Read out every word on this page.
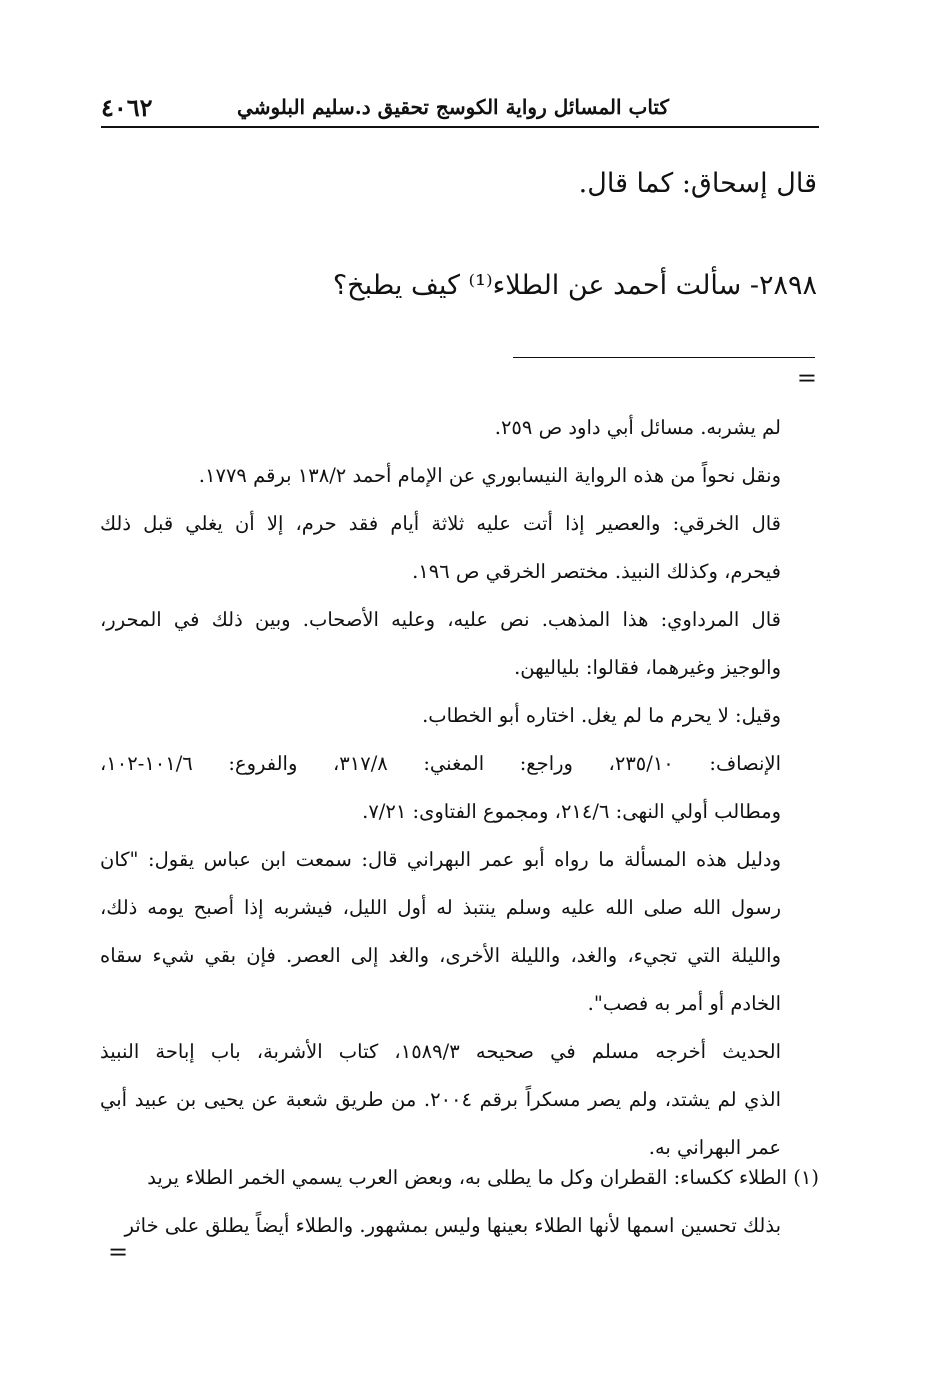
كتاب المسائل رواية الكوسج تحقيق د.سليم البلوشي
٤٠٦٢
قال إسحاق: كما قال.
٢٨٩٨- سألت أحمد عن الطلاء⁽¹⁾ كيف يطبخ؟
=
لم يشربه. مسائل أبي داود ص ٢٥٩.
ونقل نحواً من هذه الرواية النيسابوري عن الإمام أحمد ١٣٨/٢ برقم ١٧٧٩.
قال الخرقي: والعصير إذا أتت عليه ثلاثة أيام فقد حرم، إلا أن يغلي قبل ذلك
فيحرم، وكذلك النبيذ. مختصر الخرقي ص ١٩٦.
قال المرداوي: هذا المذهب. نص عليه، وعليه الأصحاب. وبين ذلك في المحرر،
والوجيز وغيرهما، فقالوا: بلياليهن.
وقيل: لا يحرم ما لم يغل. اختاره أبو الخطاب.
الإنصاف: ٢٣٥/١٠، وراجع: المغني: ٣١٧/٨، والفروع: ١٠١/٦-١٠٢،
ومطالب أولي النهى: ٢١٤/٦، ومجموع الفتاوى: ٧/٢١.
ودليل هذه المسألة ما رواه أبو عمر البهراني قال: سمعت ابن عباس يقول: "كان
رسول الله صلى الله عليه وسلم ينتبذ له أول الليل، فيشربه إذا أصبح يومه ذلك،
والليلة التي تجيء، والغد، والليلة الأخرى، والغد إلى العصر. فإن بقي شيء سقاه
الخادم أو أمر به فصب".
الحديث أخرجه مسلم في صحيحه ١٥٨٩/٣، كتاب الأشربة، باب إباحة النبيذ
الذي لم يشتد، ولم يصر مسكراً برقم ٢٠٠٤. من طريق شعبة عن يحيى بن عبيد أبي
عمر البهراني به.
(١) الطلاء ككساء: القطران وكل ما يطلى به، وبعض العرب يسمي الخمر الطلاء يريد
بذلك تحسين اسمها لأنها الطلاء بعينها وليس بمشهور. والطلاء أيضاً يطلق على خاثر
=
